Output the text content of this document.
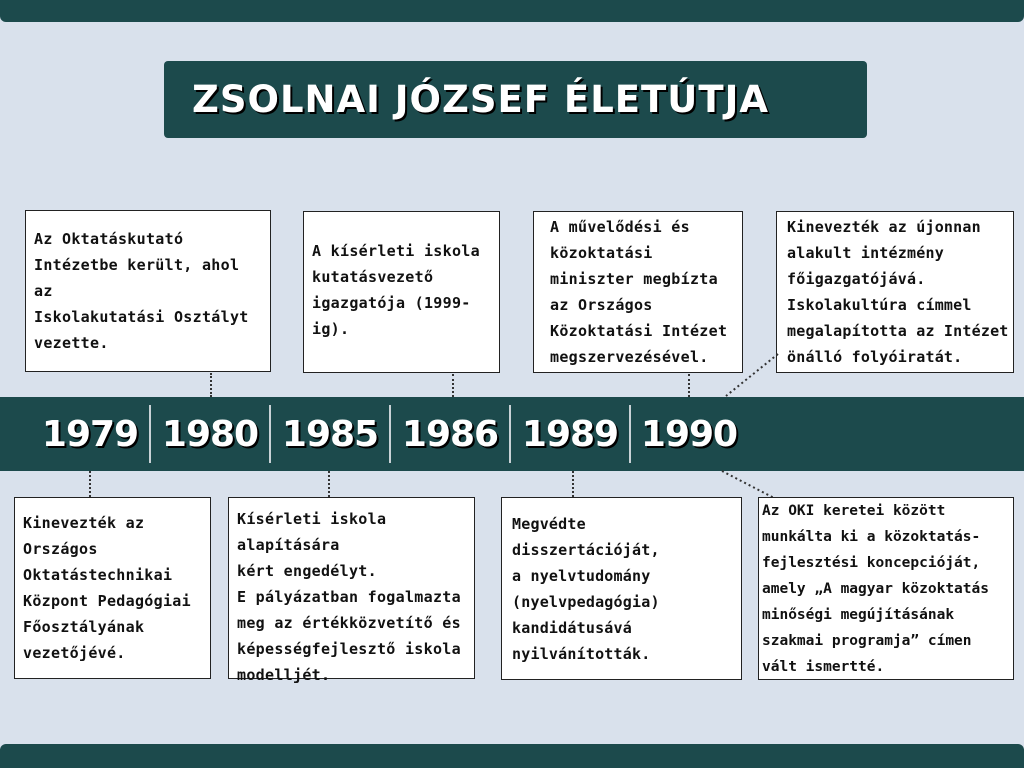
ZSOLNAI JÓZSEF ÉLETÚTJA
Az Oktatáskutató
Intézetbe került, ahol az
Iskolakutatási Osztályt
vezette.
A kísérleti iskola
kutatásvezető
igazgatója (1999-ig).
A művelődési és
közoktatási
miniszter megbízta
az Országos
Közoktatási Intézet
megszervezésével.
Kinevezték az újonnan
alakult intézmény
főigazgatójává.
Iskolakultúra címmel
megalapította az Intézet
önálló folyóiratát.
1979 1980 1985 1986 1989 1990
Kinevezték az
Országos
Oktatástechnikai
Központ Pedagógiai
Főosztályának
vezetőjévé.
Kísérleti iskola alapítására
kért engedélyt.
E pályázatban fogalmazta
meg az értékközvetítő és
képességfejlesztő iskola
modelljét.
Megvédte disszertációját,
a nyelvtudomány
(nyelvpedagógia)
kandidátusává
nyilvánították.
Az OKI keretei között
munkálta ki a közoktatás-
fejlesztési koncepcióját,
amely „A magyar közoktatás
minőségi megújításának
szakmai programja” címen
vált ismertté.
